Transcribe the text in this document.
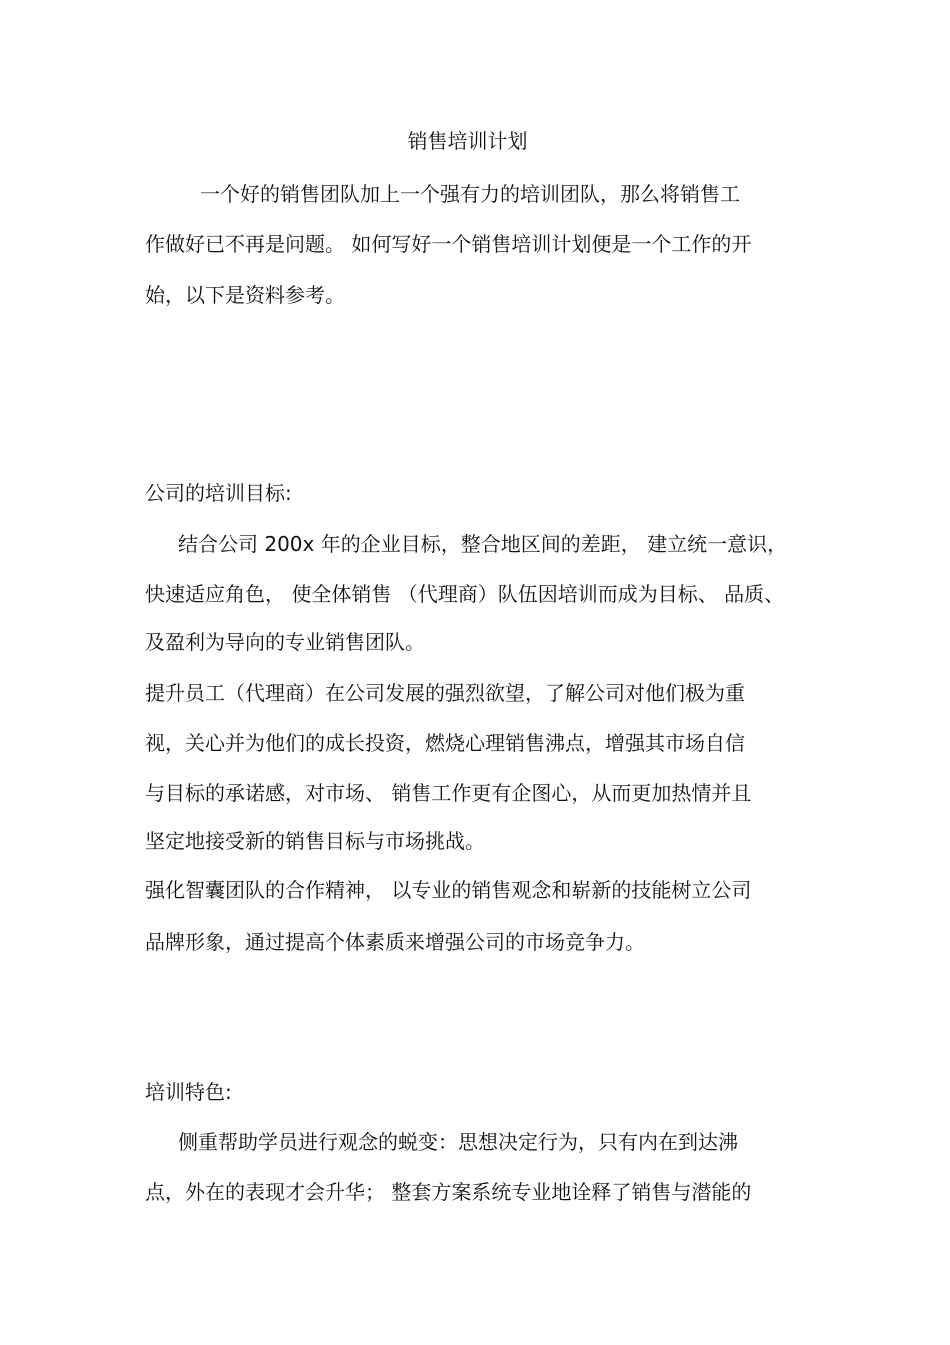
销售培训计划

一个好的销售团队加上一个强有力的培训团队，那么将销售工

作做好已不再是问题。 如何写好一个销售培训计划便是一个工作的开

始，以下是资料参考。

公司的培训目标:

结合公司 200x 年的企业目标，整合地区间的差距， 建立统一意识，

快速适应角色， 使全体销售 （代理商）队伍因培训而成为目标、 品质、

及盈利为导向的专业销售团队。

提升员工（代理商）在公司发展的强烈欲望，了解公司对他们极为重

视，关心并为他们的成长投资，燃烧心理销售沸点，增强其市场自信

与目标的承诺感，对市场、 销售工作更有企图心，从而更加热情并且

坚定地接受新的销售目标与市场挑战。

强化智囊团队的合作精神， 以专业的销售观念和崭新的技能树立公司

品牌形象，通过提高个体素质来增强公司的市场竞争力。

培训特色:

侧重帮助学员进行观念的蜕变：思想决定行为，只有内在到达沸

点，外在的表现才会升华； 整套方案系统专业地诠释了销售与潜能的
